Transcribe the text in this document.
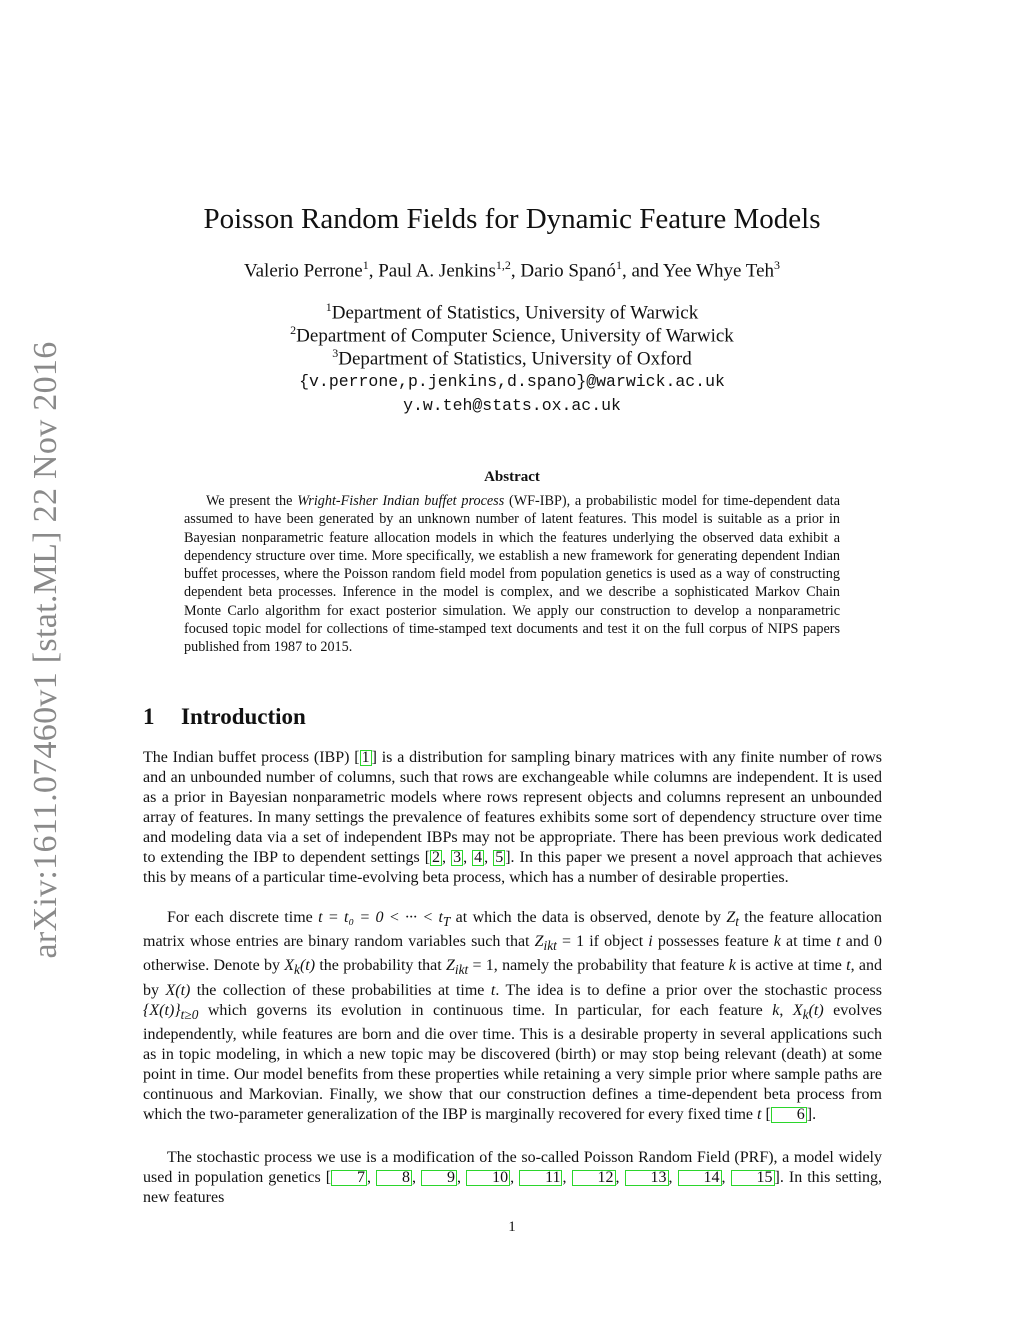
arXiv:1611.07460v1 [stat.ML] 22 Nov 2016
Poisson Random Fields for Dynamic Feature Models
Valerio Perrone$^1$, Paul A. Jenkins$^{1,2}$, Dario Spanó$^1$, and Yee Whye Teh$^3$
$^1$Department of Statistics, University of Warwick
$^2$Department of Computer Science, University of Warwick
$^3$Department of Statistics, University of Oxford
{v.perrone,p.jenkins,d.spano}@warwick.ac.uk
y.w.teh@stats.ox.ac.uk
Abstract

We present the Wright-Fisher Indian buffet process (WF-IBP), a probabilistic model for time-dependent data assumed to have been generated by an unknown number of latent features. This model is suitable as a prior in Bayesian nonparametric feature allocation models in which the features underlying the observed data exhibit a dependency structure over time. More specifically, we establish a new framework for generating dependent Indian buffet processes, where the Poisson random field model from population genetics is used as a way of constructing dependent beta processes. Inference in the model is complex, and we describe a sophisticated Markov Chain Monte Carlo algorithm for exact posterior simulation. We apply our construction to develop a nonparametric focused topic model for collections of time-stamped text documents and test it on the full corpus of NIPS papers published from 1987 to 2015.

1 Introduction

The Indian buffet process (IBP) [ 1 ] is a distribution for sampling binary matrices with any finite number of rows and an unbounded number of columns, such that rows are exchangeable while columns are independent. It is used as a prior in Bayesian nonparametric models where rows represent objects and columns represent an unbounded array of features. In many settings the prevalence of features exhibits some sort of dependency structure over time and modeling data via a set of independent IBPs may not be appropriate. There has been previous work dedicated to extending the IBP to dependent settings [ 2 , 3 , 4 , 5 ]. In this paper we present a novel approach that achieves this by means of a particular time-evolving beta process, which has a number of desirable properties.

For each discrete time t = t₀ = 0 < ··· < $t_T$ at which the data is observed, denote by $Z_t$ the feature allocation matrix whose entries are binary random variables such that $Z_{ikt} = 1$ if object i possesses feature k at time t and 0 otherwise. Denote by $X_k(t)$ the probability that $Z_{ikt} = 1$, namely the probability that feature k is active at time t, and by X(t) the collection of these probabilities at time t. The idea is to define a prior over the stochastic process $\{X(t)\}_{t\ge 0}$ which governs its evolution in continuous time. In particular, for each feature k, $X_k(t)$ evolves independently, while features are born and die over time. This is a desirable property in several applications such as in topic modeling, in which a new topic may be discovered (birth) or may stop being relevant (death) at some point in time. Our model benefits from these properties while retaining a very simple prior where sample paths are continuous and Markovian. Finally, we show that our construction defines a time-dependent beta process from which the two-parameter generalization of the IBP is marginally recovered for every fixed time t [ 6 ].

The stochastic process we use is a modification of the so-called Poisson Random Field (PRF), a model widely used in population genetics [ 7 , 8 , 9 , 10 , 11 , 12 , 13 , 14 , 15 ]. In this setting, new features

1
